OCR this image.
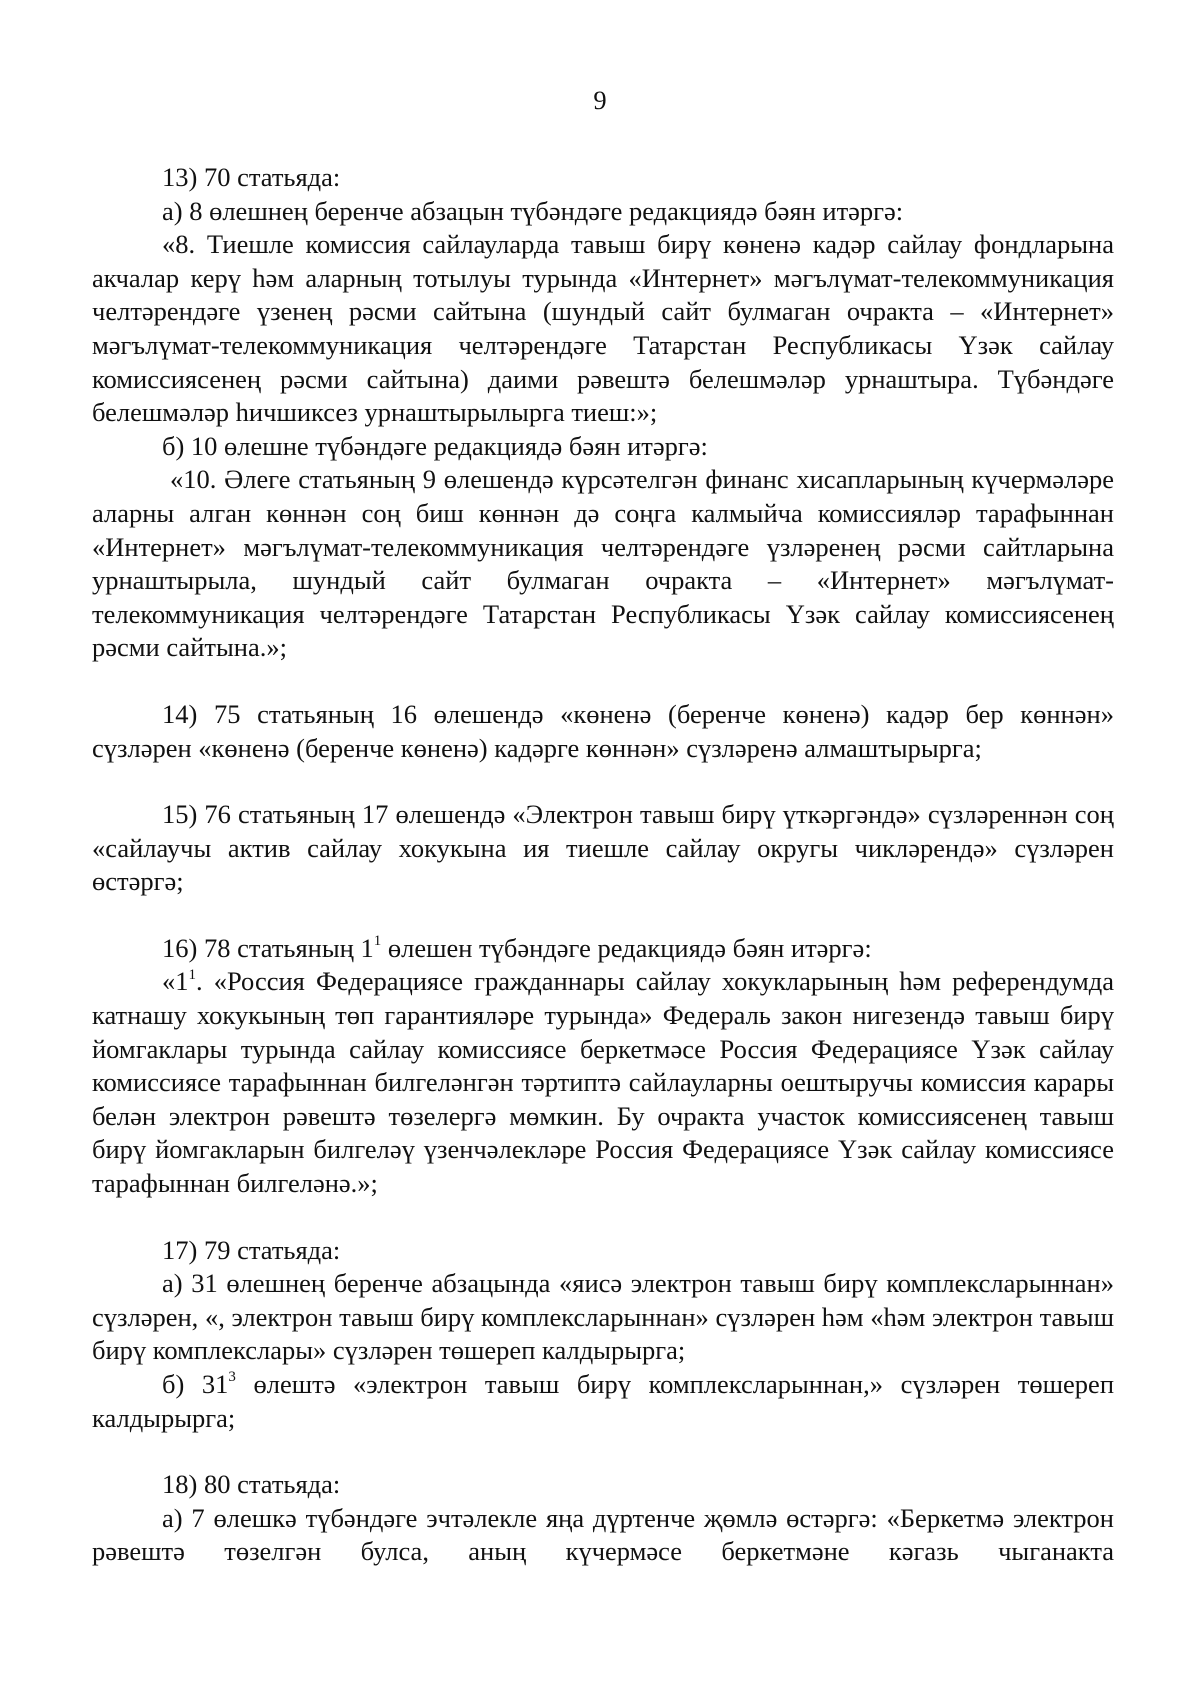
9

13) 70 статьяда:

а) 8 өлешнең беренче абзацын түбәндәге редакциядә бәян итәргә:

«8. Тиешле комиссия сайлауларда тавыш бирү көненә кадәр сайлау фондларына акчалар керү һәм аларның тотылуы турында «Интернет» мәгълүмат-телекоммуникация челтәрендәге үзенең рәсми сайтына (шундый сайт булмаган очракта – «Интернет» мәгълүмат-телекоммуникация челтәрендәге Татарстан Республикасы Үзәк сайлау комиссиясенең рәсми сайтына) даими рәвештә белешмәләр урнаштыра. Түбәндәге белешмәләр һичшиксез урнаштырылырга тиеш:»;

б) 10 өлешне түбәндәге редакциядә бәян итәргә:

«10. Әлеге статьяның 9 өлешендә күрсәтелгән финанс хисапларының күчермәләре аларны алган көннән соң биш көннән дә соңга калмыйча комиссияләр тарафыннан «Интернет» мәгълүмат-телекоммуникация челтәрендәге үзләренең рәсми сайтларына урнаштырыла, шундый сайт булмаган очракта – «Интернет» мәгълүмат-телекоммуникация челтәрендәге Татарстан Республикасы Үзәк сайлау комиссиясенең рәсми сайтына.»;

14) 75 статьяның 16 өлешендә «көненә (беренче көненә) кадәр бер көннән» сүзләрен «көненә (беренче көненә) кадәрге көннән» сүзләренә алмаштырырга;

15) 76 статьяның 17 өлешендә «Электрон тавыш бирү үткәргәндә» сүзләреннән соң «сайлаучы актив сайлау хокукына ия тиешле сайлау округы чикләрендә» сүзләрен өстәргә;

16) 78 статьяның $1^1$ өлешен түбәндәге редакциядә бәян итәргә:

«$1^1$. «Россия Федерациясе гражданнары сайлау хокукларының һәм референдумда катнашу хокукының төп гарантияләре турында» Федераль закон нигезендә тавыш бирү йомгаклары турында сайлау комиссиясе беркетмәсе Россия Федерациясе Үзәк сайлау комиссиясе тарафыннан билгеләнгән тәртиптә сайлауларны оештыручы комиссия карары белән электрон рәвештә төзелергә мөмкин. Бу очракта участок комиссиясенең тавыш бирү йомгакларын билгеләү үзенчәлекләре Россия Федерациясе Үзәк сайлау комиссиясе тарафыннан билгеләнә.»;

17) 79 статьяда:

а) 31 өлешнең беренче абзацында «яисә электрон тавыш бирү комплексларыннан» сүзләрен, «, электрон тавыш бирү комплексларыннан» сүзләрен һәм «һәм электрон тавыш бирү комплекслары» сүзләрен төшереп калдырырга;

б) $31^3$ өлештә «электрон тавыш бирү комплексларыннан,» сүзләрен төшереп калдырырга;

18) 80 статьяда:

а) 7 өлешкә түбәндәге эчтәлекле яңа дүртенче җөмлә өстәргә: «Беркетмә электрон рәвештә төзелгән булса, аның күчермәсе беркетмәне кәгазь чыганакта
